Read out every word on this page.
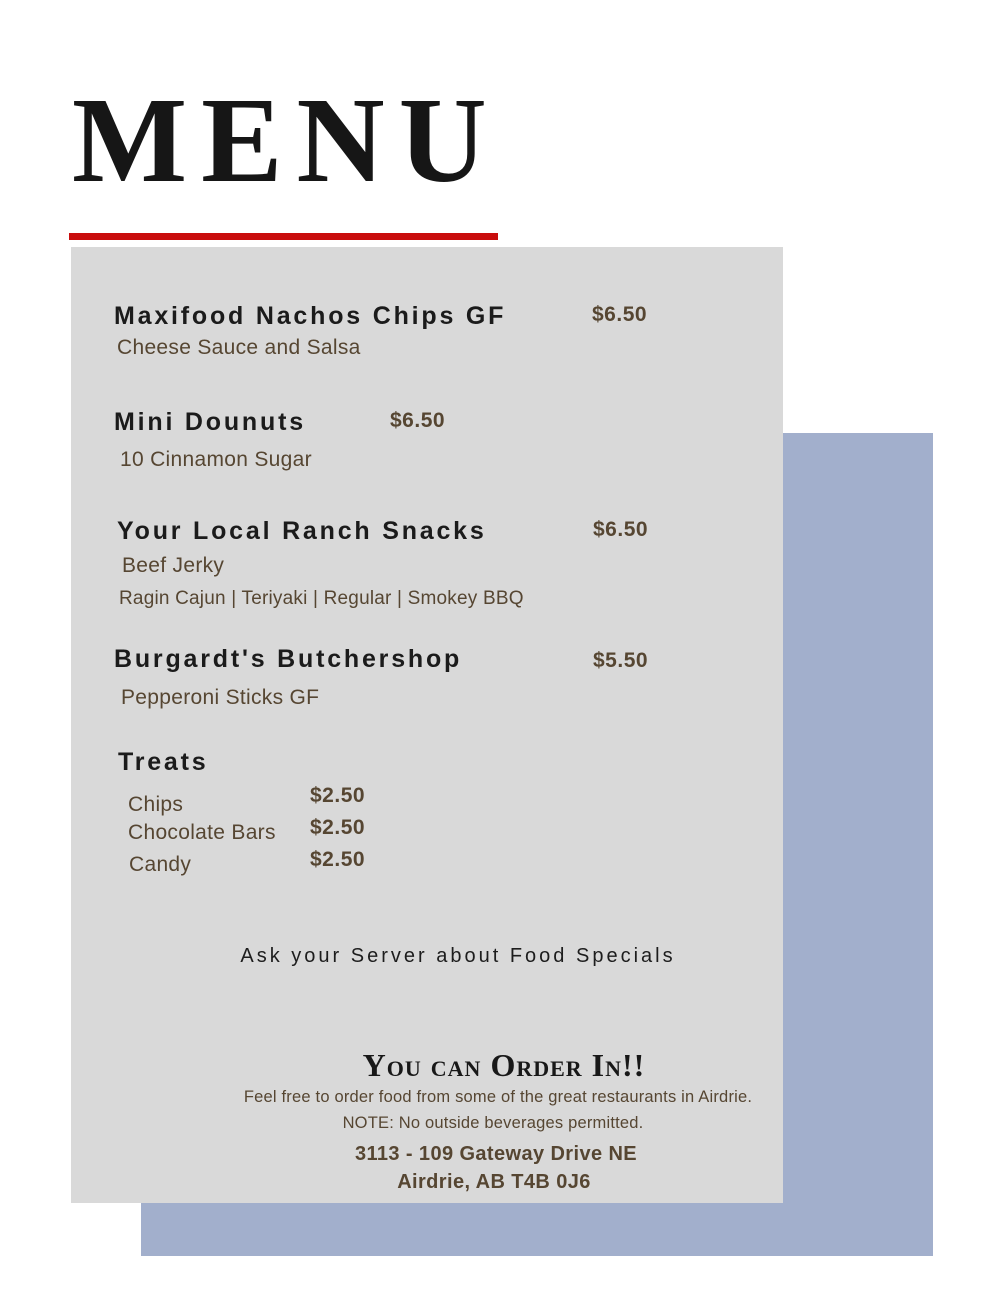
MENU
Maxifood Nachos Chips GF	$6.50
Cheese Sauce and Salsa
Mini Dounuts	$6.50
10 Cinnamon Sugar
Your Local Ranch Snacks	$6.50
Beef Jerky
Ragin Cajun | Teriyaki | Regular | Smokey BBQ
Burgardt's Butchershop	$5.50
Pepperoni Sticks GF
Treats
Chips	$2.50
Chocolate Bars $2.50
Candy	$2.50
Ask your Server about Food Specials
You can Order In!!
Feel free to order food from some of the great restaurants in Airdrie.
NOTE: No outside beverages permitted.
3113 - 109 Gateway Drive NE
Airdrie, AB T4B 0J6
